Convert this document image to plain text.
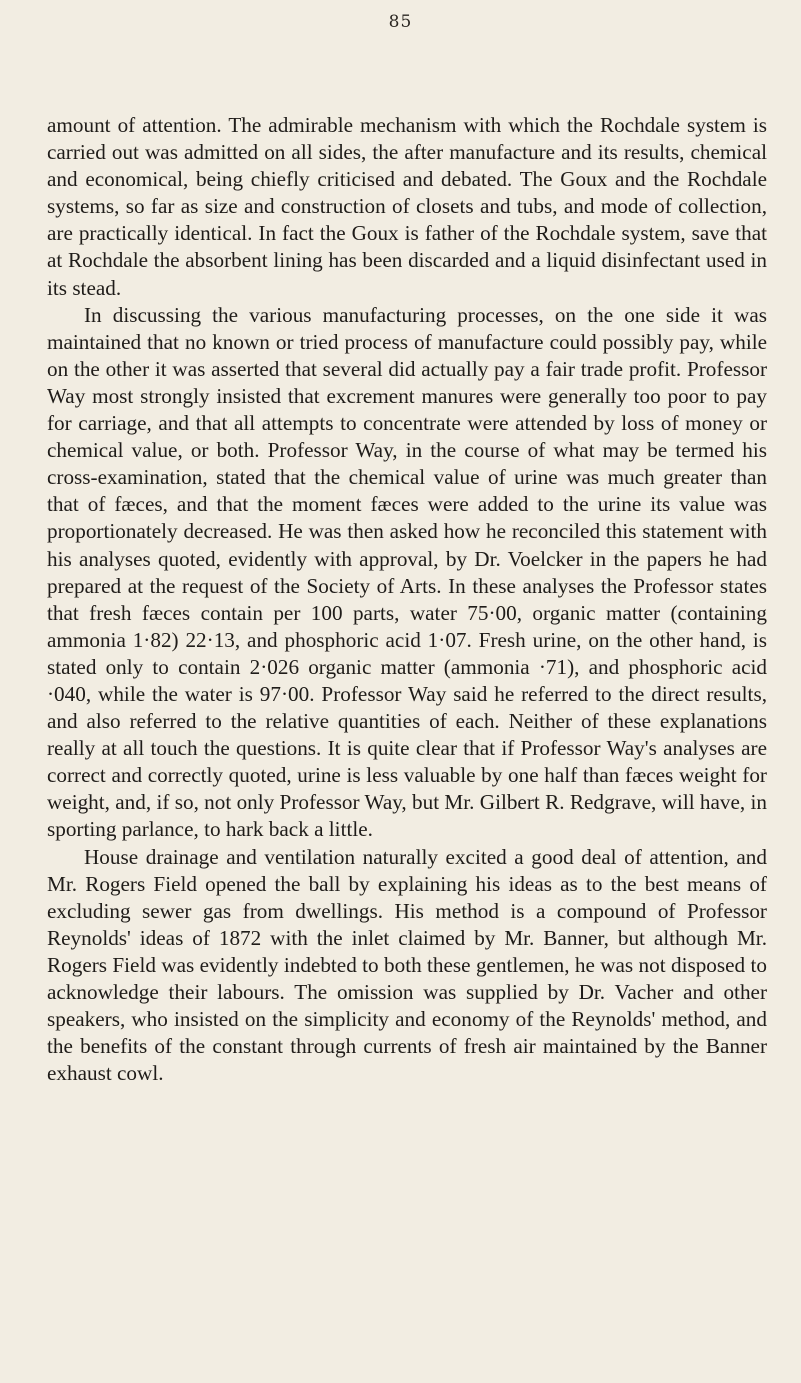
85

amount of attention. The admirable mechanism with which the Rochdale system is carried out was admitted on all sides, the after manufacture and its results, chemical and economical, being chiefly criticised and debated. The Goux and the Rochdale systems, so far as size and construction of closets and tubs, and mode of collection, are practically identical. In fact the Goux is father of the Rochdale system, save that at Rochdale the absorbent lining has been discarded and a liquid disinfectant used in its stead.

In discussing the various manufacturing processes, on the one side it was maintained that no known or tried process of manufacture could possibly pay, while on the other it was asserted that several did actually pay a fair trade profit. Professor Way most strongly insisted that excrement manures were generally too poor to pay for carriage, and that all attempts to concentrate were attended by loss of money or chemical value, or both. Professor Way, in the course of what may be termed his cross-examination, stated that the chemical value of urine was much greater than that of fæces, and that the moment fæces were added to the urine its value was proportionately decreased. He was then asked how he reconciled this statement with his analyses quoted, evidently with approval, by Dr. Voelcker in the papers he had prepared at the request of the Society of Arts. In these analyses the Professor states that fresh fæces contain per 100 parts, water 75·00, organic matter (containing ammonia 1·82) 22·13, and phosphoric acid 1·07. Fresh urine, on the other hand, is stated only to contain 2·026 organic matter (ammonia ·71), and phosphoric acid ·040, while the water is 97·00. Professor Way said he referred to the direct results, and also referred to the relative quantities of each. Neither of these explanations really at all touch the questions. It is quite clear that if Professor Way's analyses are correct and correctly quoted, urine is less valuable by one half than fæces weight for weight, and, if so, not only Professor Way, but Mr. Gilbert R. Redgrave, will have, in sporting parlance, to hark back a little.

House drainage and ventilation naturally excited a good deal of attention, and Mr. Rogers Field opened the ball by explaining his ideas as to the best means of excluding sewer gas from dwellings. His method is a compound of Professor Reynolds' ideas of 1872 with the inlet claimed by Mr. Banner, but although Mr. Rogers Field was evidently indebted to both these gentlemen, he was not disposed to acknowledge their labours. The omission was supplied by Dr. Vacher and other speakers, who insisted on the simplicity and economy of the Reynolds' method, and the benefits of the constant through currents of fresh air maintained by the Banner exhaust cowl.
